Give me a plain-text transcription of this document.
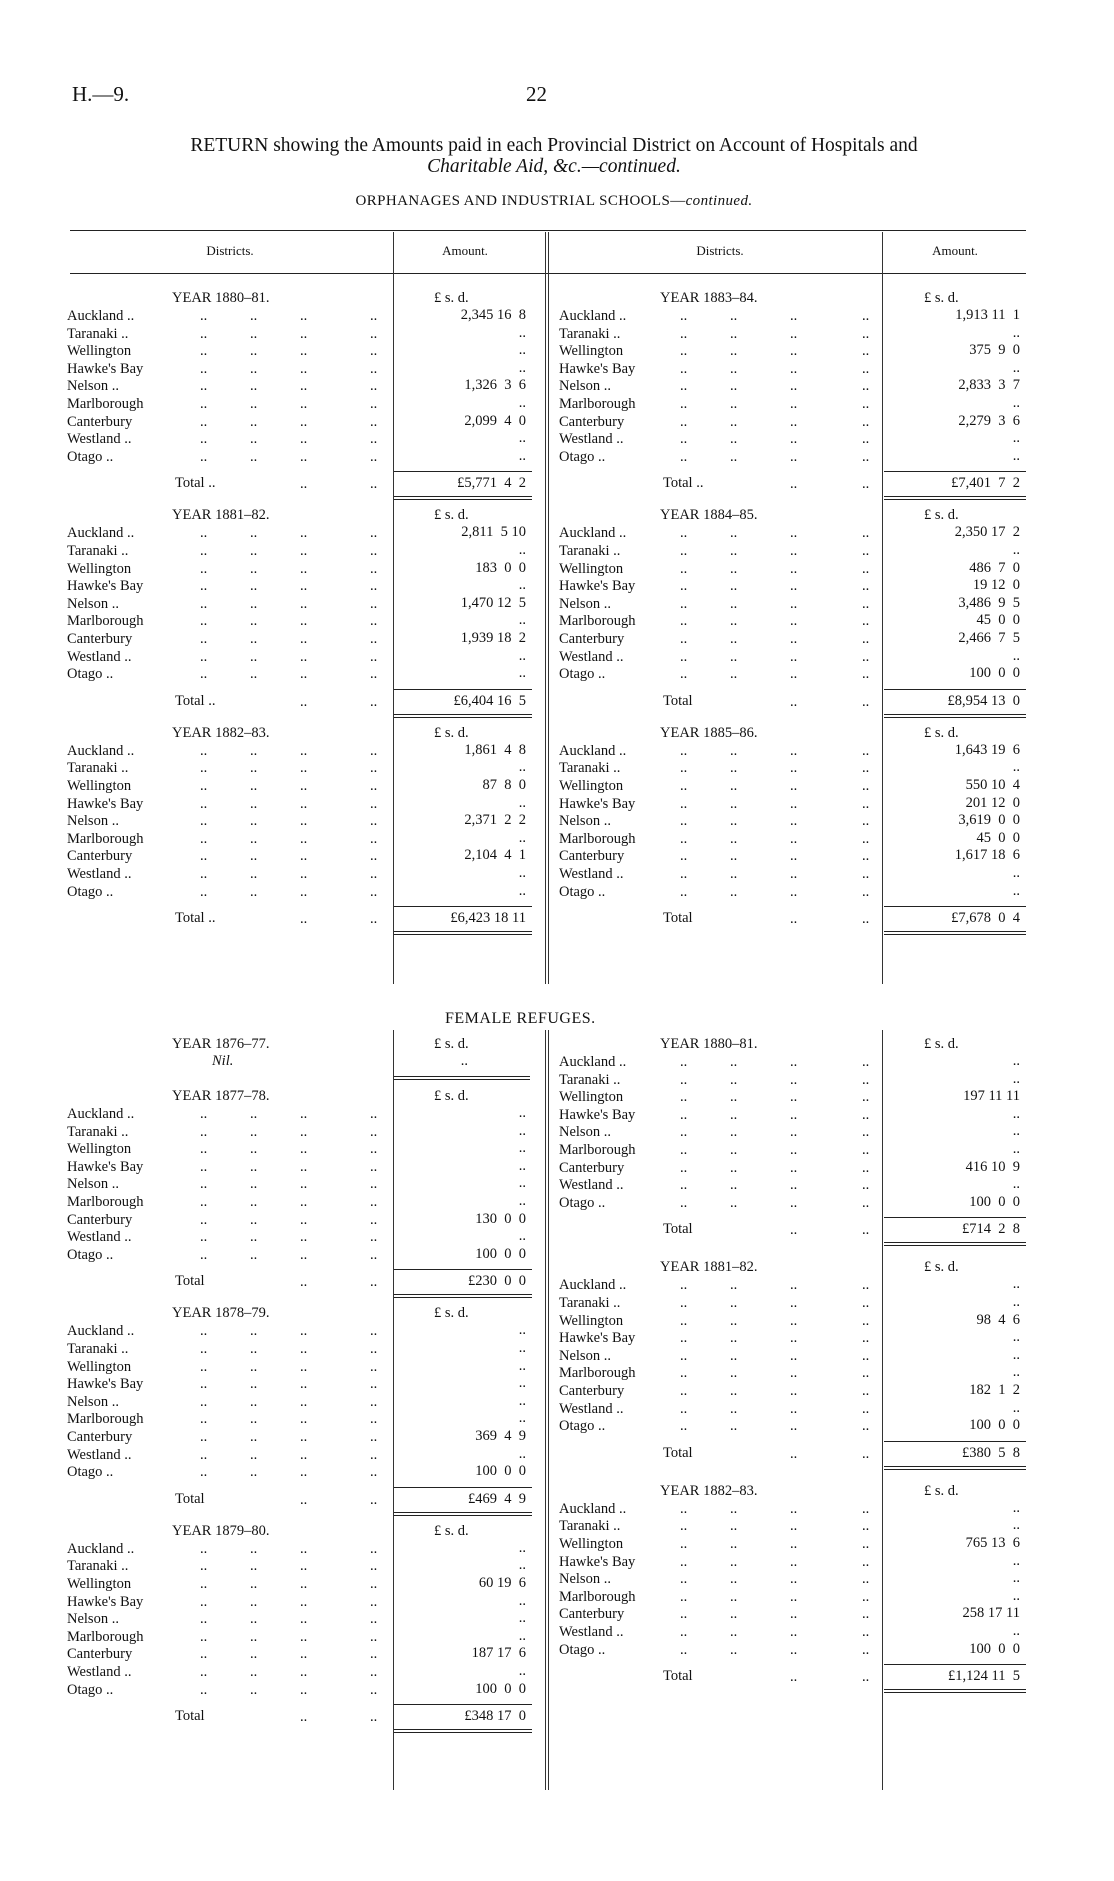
H.—9.	22
RETURN showing the Amounts paid in each Provincial District on Account of Hospitals and
Charitable Aid, &c.—continued.
ORPHANAGES AND INDUSTRIAL SCHOOLS—continued.
Districts.	Amount.	Districts.	Amount.
YEAR 1880–81.	£ s. d.
Auckland ..	..	..	..	..	2,345 16  8
Taranaki ..	..	..	..	..	..
Wellington	..	..	..	..	..
Hawke's Bay	..	..	..	..	..
Nelson ..	..	..	..	..	1,326  3  6
Marlborough	..	..	..	..	..
Canterbury	..	..	..	..	2,099  4  0
Westland ..	..	..	..	..	..
Otago ..	..	..	..	..	..
Total ..	..	..	£5,771  4  2
YEAR 1881–82.	£ s. d.
Auckland ..	..	..	..	..	2,811  5 10
Taranaki ..	..	..	..	..	..
Wellington	..	..	..	..	183  0  0
Hawke's Bay	..	..	..	..	..
Nelson ..	..	..	..	..	1,470 12  5
Marlborough	..	..	..	..	..
Canterbury	..	..	..	..	1,939 18  2
Westland ..	..	..	..	..	..
Otago ..	..	..	..	..	..
Total ..	..	..	£6,404 16  5
YEAR 1882–83.	£ s. d.
Auckland ..	..	..	..	..	1,861  4  8
Taranaki ..	..	..	..	..	..
Wellington	..	..	..	..	87  8  0
Hawke's Bay	..	..	..	..	..
Nelson ..	..	..	..	..	2,371  2  2
Marlborough	..	..	..	..	..
Canterbury	..	..	..	..	2,104  4  1
Westland ..	..	..	..	..	..
Otago ..	..	..	..	..	..
Total ..	..	..	£6,423 18 11
YEAR 1883–84.	£ s. d.
Auckland ..	..	..	..	..	1,913 11  1
Taranaki ..	..	..	..	..	..
Wellington	..	..	..	..	375  9  0
Hawke's Bay	..	..	..	..	..
Nelson ..	..	..	..	..	2,833  3  7
Marlborough	..	..	..	..	..
Canterbury	..	..	..	..	2,279  3  6
Westland ..	..	..	..	..	..
Otago ..	..	..	..	..	..
Total ..	..	..	£7,401  7  2
YEAR 1884–85.	£ s. d.
Auckland ..	..	..	..	..	2,350 17  2
Taranaki ..	..	..	..	..	..
Wellington	..	..	..	..	486  7  0
Hawke's Bay	..	..	..	..	19 12  0
Nelson ..	..	..	..	..	3,486  9  5
Marlborough	..	..	..	..	45  0  0
Canterbury	..	..	..	..	2,466  7  5
Westland ..	..	..	..	..	..
Otago ..	..	..	..	..	100  0  0
Total	..	..	£8,954 13  0
YEAR 1885–86.	£ s. d.
Auckland ..	..	..	..	..	1,643 19  6
Taranaki ..	..	..	..	..	..
Wellington	..	..	..	..	550 10  4
Hawke's Bay	..	..	..	..	201 12  0
Nelson ..	..	..	..	..	3,619  0  0
Marlborough	..	..	..	..	45  0  0
Canterbury	..	..	..	..	1,617 18  6
Westland ..	..	..	..	..	..
Otago ..	..	..	..	..	..
Total	..	..	£7,678  0  4
FEMALE REFUGES.
YEAR 1876–77.
Nil.
£ s. d.
..
YEAR 1877–78.	£ s. d.
Auckland ..	..	..	..	..	..
Taranaki ..	..	..	..	..	..
Wellington	..	..	..	..	..
Hawke's Bay	..	..	..	..	..
Nelson ..	..	..	..	..	..
Marlborough	..	..	..	..	..
Canterbury	..	..	..	..	130  0  0
Westland ..	..	..	..	..	..
Otago ..	..	..	..	..	100  0  0
Total	..	..	£230  0  0
YEAR 1878–79.	£ s. d.
Auckland ..	..	..	..	..	..
Taranaki ..	..	..	..	..	..
Wellington	..	..	..	..	..
Hawke's Bay	..	..	..	..	..
Nelson ..	..	..	..	..	..
Marlborough	..	..	..	..	..
Canterbury	..	..	..	..	369  4  9
Westland ..	..	..	..	..	..
Otago ..	..	..	..	..	100  0  0
Total	..	..	£469  4  9
YEAR 1879–80.	£ s. d.
Auckland ..	..	..	..	..	..
Taranaki ..	..	..	..	..	..
Wellington	..	..	..	..	60 19  6
Hawke's Bay	..	..	..	..	..
Nelson ..	..	..	..	..	..
Marlborough	..	..	..	..	..
Canterbury	..	..	..	..	187 17  6
Westland ..	..	..	..	..	..
Otago ..	..	..	..	..	100  0  0
Total	..	..	£348 17  0
YEAR 1880–81.	£ s. d.
Auckland ..	..	..	..	..	..
Taranaki ..	..	..	..	..	..
Wellington	..	..	..	..	197 11 11
Hawke's Bay	..	..	..	..	..
Nelson ..	..	..	..	..	..
Marlborough	..	..	..	..	..
Canterbury	..	..	..	..	416 10  9
Westland ..	..	..	..	..	..
Otago ..	..	..	..	..	100  0  0
Total	..	..	£714  2  8
YEAR 1881–82.	£ s. d.
Auckland ..	..	..	..	..	..
Taranaki ..	..	..	..	..	..
Wellington	..	..	..	..	98  4  6
Hawke's Bay	..	..	..	..	..
Nelson ..	..	..	..	..	..
Marlborough	..	..	..	..	..
Canterbury	..	..	..	..	182  1  2
Westland ..	..	..	..	..	..
Otago ..	..	..	..	..	100  0  0
Total	..	..	£380  5  8
YEAR 1882–83.	£ s. d.
Auckland ..	..	..	..	..	..
Taranaki ..	..	..	..	..	..
Wellington	..	..	..	..	765 13  6
Hawke's Bay	..	..	..	..	..
Nelson ..	..	..	..	..	..
Marlborough	..	..	..	..	..
Canterbury	..	..	..	..	258 17 11
Westland ..	..	..	..	..	..
Otago ..	..	..	..	..	100  0  0
Total	..	..	£1,124 11  5
